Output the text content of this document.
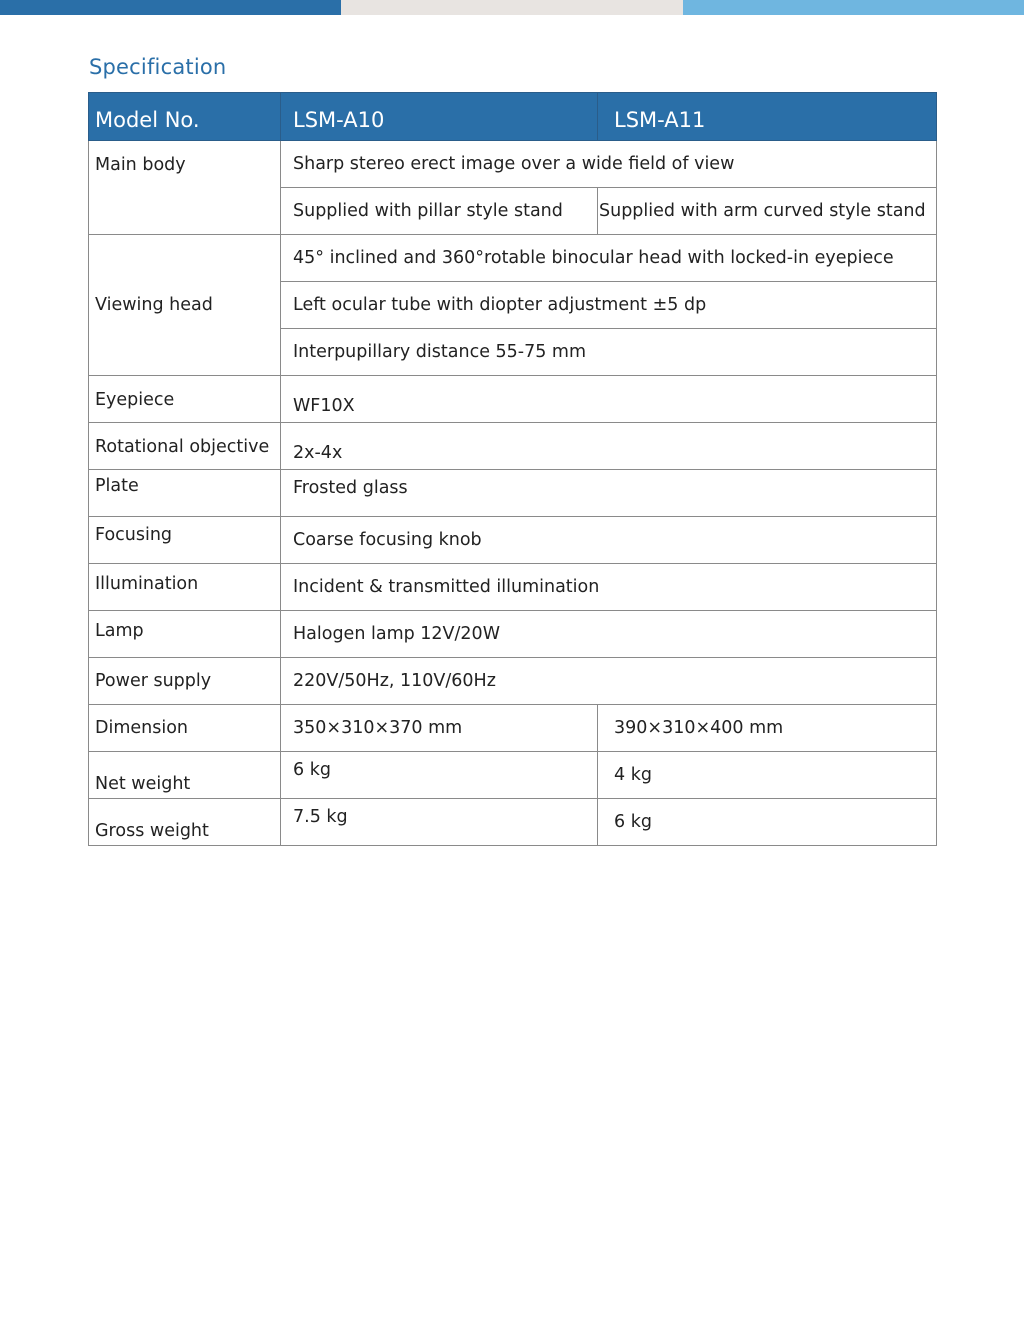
Specification
Model No.	LSM-A10	LSM-A11
Main body	Sharp stereo erect image over a wide field of view	
	Supplied with pillar style stand	Supplied with arm curved style stand
Viewing head	45° inclined and 360°rotable binocular head with locked-in eyepiece	
	Left ocular tube with diopter adjustment ±5 dp	
	Interpupillary distance 55-75 mm	
Eyepiece	WF10X	
Rotational objective	2x-4x	
Plate	Frosted glass	
Focusing	Coarse focusing knob	
Illumination	Incident & transmitted illumination	
Lamp	Halogen lamp 12V/20W	
Power supply	220V/50Hz, 110V/60Hz	
Dimension	350×310×370 mm	390×310×400 mm
Net weight	6 kg	4 kg
Gross weight	7.5 kg	6 kg
